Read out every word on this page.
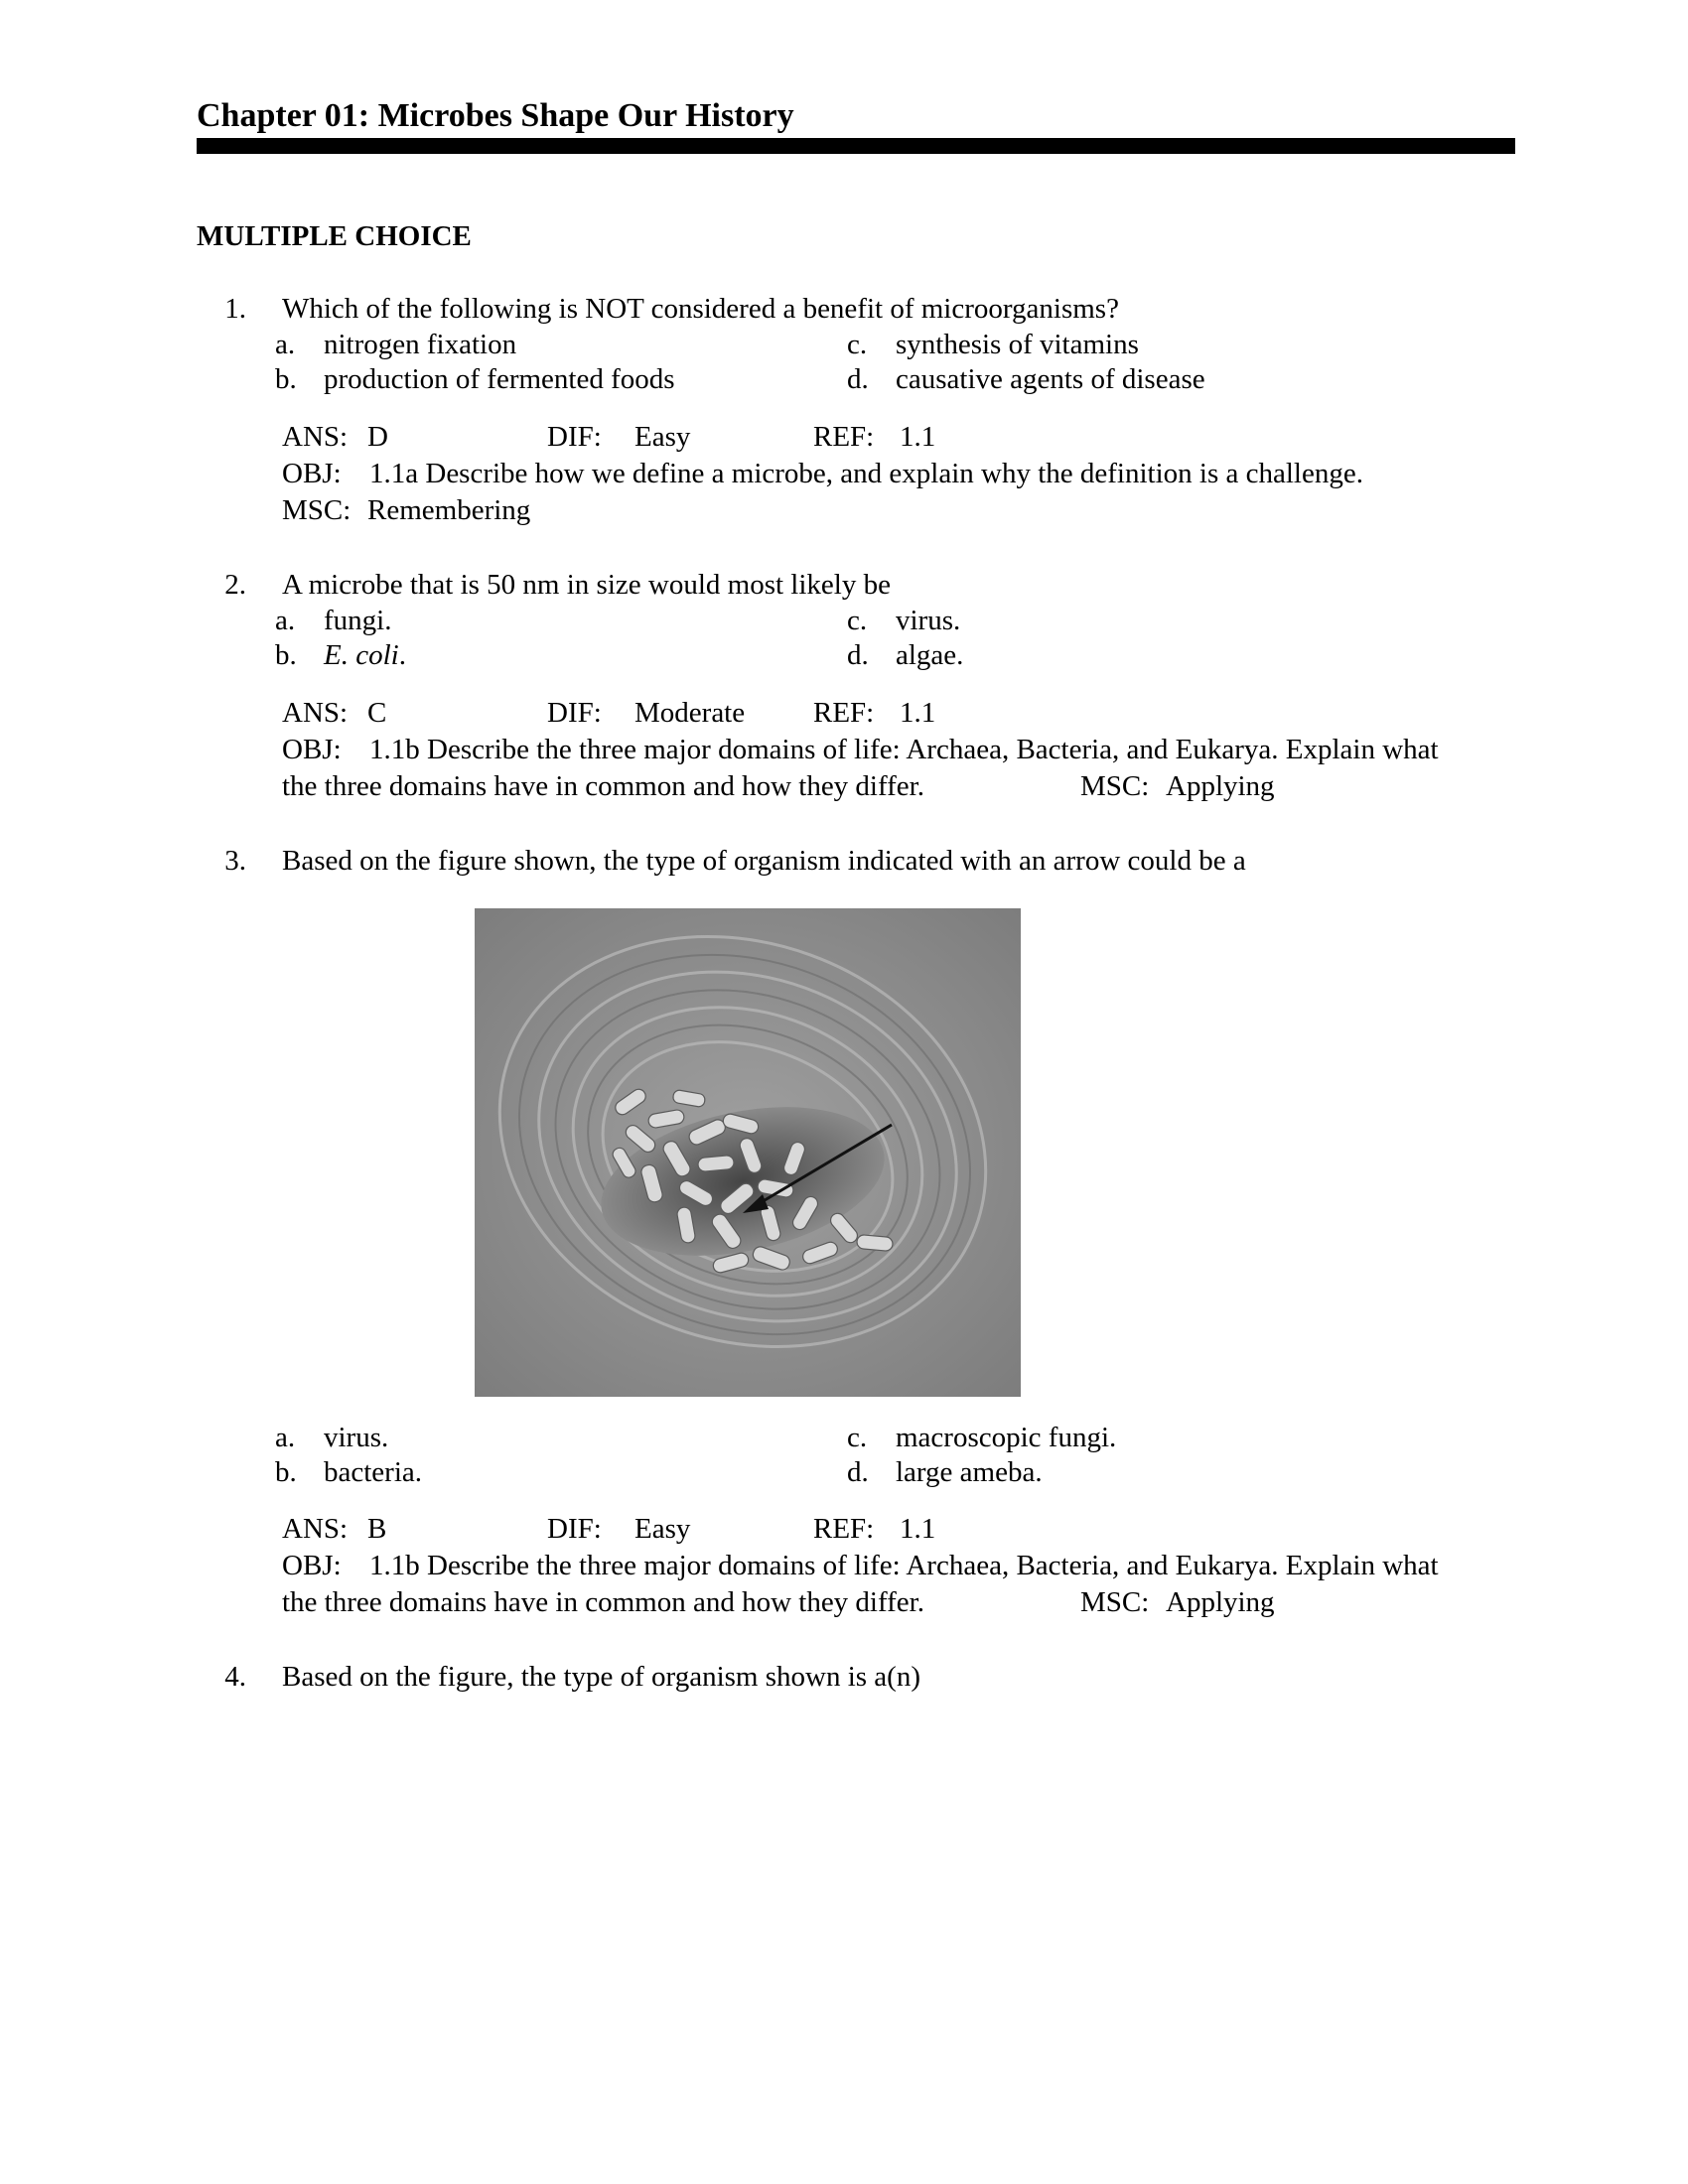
Chapter 01: Microbes Shape Our History
MULTIPLE CHOICE
1. Which of the following is NOT considered a benefit of microorganisms?
a. nitrogen fixation
b. production of fermented foods
c. synthesis of vitamins
d. causative agents of disease
ANS: D	DIF: Easy	REF: 1.1
OBJ: 1.1a Describe how we define a microbe, and explain why the definition is a challenge.
MSC: Remembering
2. A microbe that is 50 nm in size would most likely be
a. fungi.
b. E. coli.
c. virus.
d. algae.
ANS: C	DIF: Moderate REF: 1.1
OBJ: 1.1b Describe the three major domains of life: Archaea, Bacteria, and Eukarya. Explain what
the three domains have in common and how they differ.	MSC: Applying
3. Based on the figure shown, the type of organism indicated with an arrow could be a
a. virus.
b. bacteria.
c. macroscopic fungi.
d. large ameba.
ANS: B	DIF: Easy	REF: 1.1
OBJ: 1.1b Describe the three major domains of life: Archaea, Bacteria, and Eukarya. Explain what
the three domains have in common and how they differ.	MSC: Applying
4. Based on the figure, the type of organism shown is a(n)
